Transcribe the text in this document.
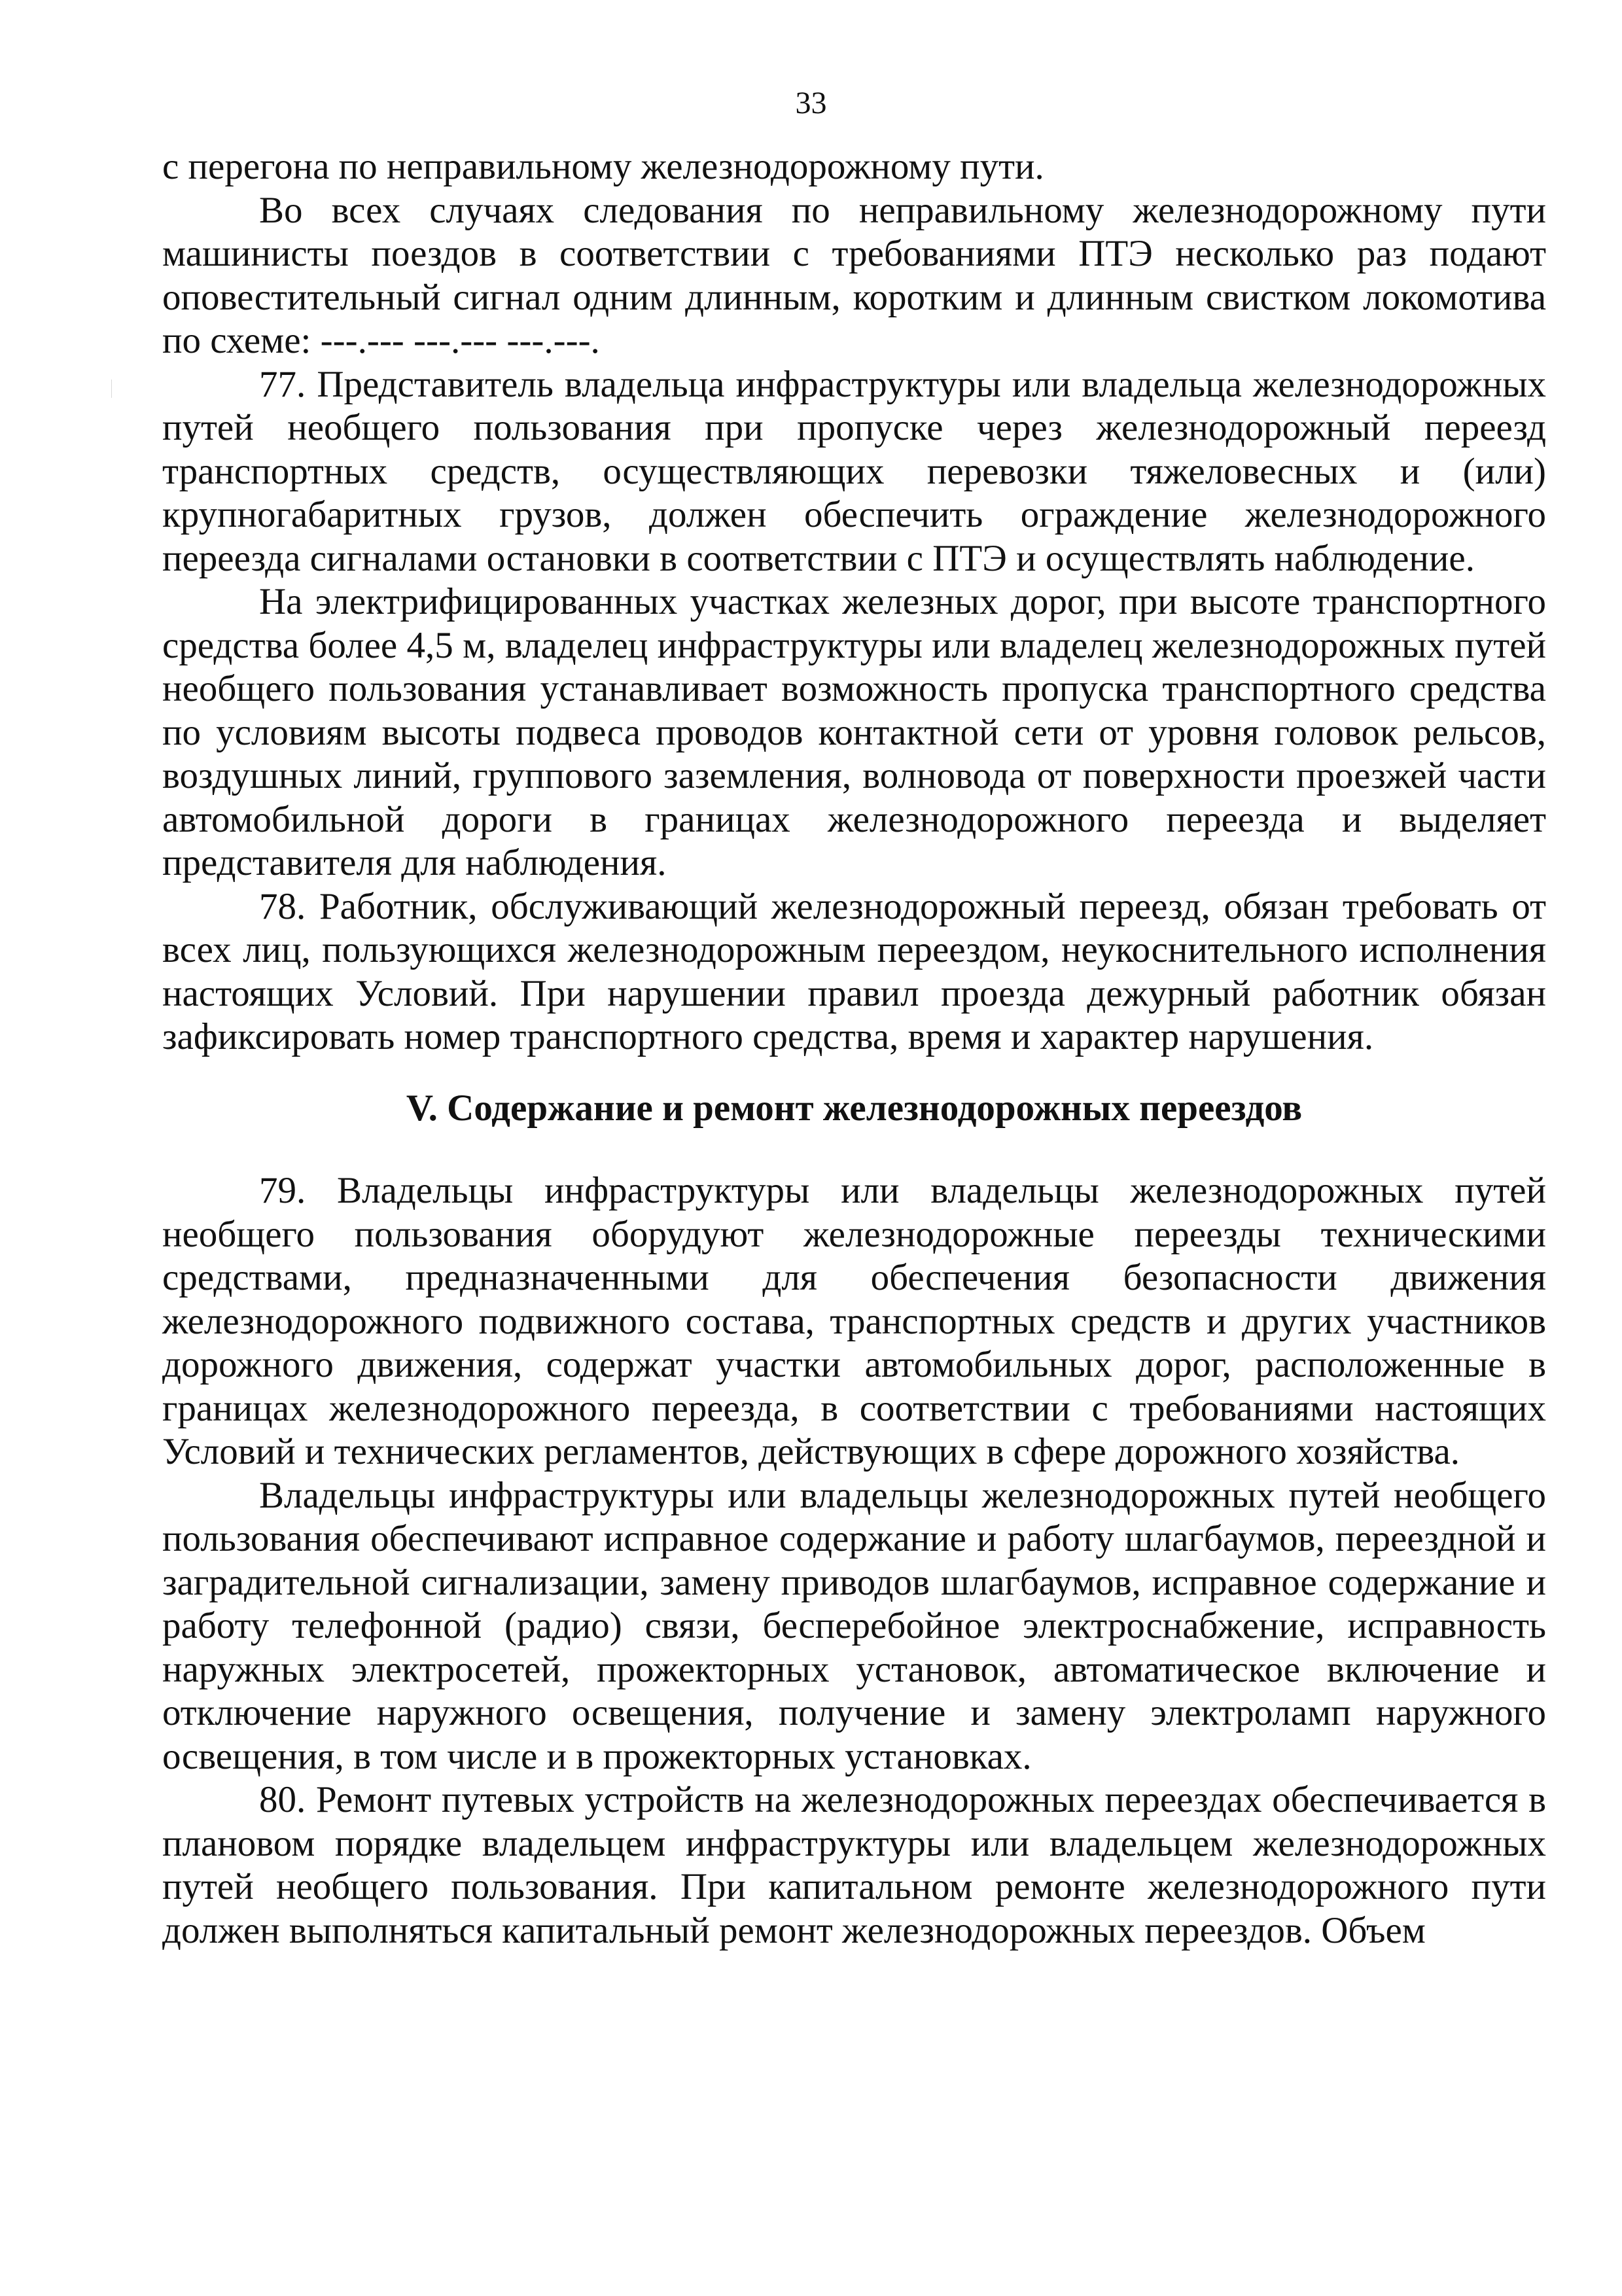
33

с перегона по неправильному железнодорожному пути.

Во всех случаях следования по неправильному железнодорожному пути машинисты поездов в соответствии с требованиями ПТЭ несколько раз подают оповестительный сигнал одним длинным, коротким и длинным свистком локомотива по схеме: ---.--- ---.--- ---.---.

77. Представитель владельца инфраструктуры или владельца железнодорожных путей необщего пользования при пропуске через железнодорожный переезд транспортных средств, осуществляющих перевозки тяжеловесных и (или) крупногабаритных грузов, должен обеспечить ограждение железнодорожного переезда сигналами остановки в соответствии с ПТЭ и осуществлять наблюдение.

На электрифицированных участках железных дорог, при высоте транспортного средства более 4,5 м, владелец инфраструктуры или владелец железнодорожных путей необщего пользования устанавливает возможность пропуска транспортного средства по условиям высоты подвеса проводов контактной сети от уровня головок рельсов, воздушных линий, группового заземления, волновода от поверхности проезжей части автомобильной дороги в границах железнодорожного переезда и выделяет представителя для наблюдения.

78. Работник, обслуживающий железнодорожный переезд, обязан требовать от всех лиц, пользующихся железнодорожным переездом, неукоснительного исполнения настоящих Условий. При нарушении правил проезда дежурный работник обязан зафиксировать номер транспортного средства, время и характер нарушения.

V. Содержание и ремонт железнодорожных переездов

79. Владельцы инфраструктуры или владельцы железнодорожных путей необщего пользования оборудуют железнодорожные переезды техническими средствами, предназначенными для обеспечения безопасности движения железнодорожного подвижного состава, транспортных средств и других участников дорожного движения, содержат участки автомобильных дорог, расположенные в границах железнодорожного переезда, в соответствии с требованиями настоящих Условий и технических регламентов, действующих в сфере дорожного хозяйства.

Владельцы инфраструктуры или владельцы железнодорожных путей необщего пользования обеспечивают исправное содержание и работу шлагбаумов, переездной и заградительной сигнализации, замену приводов шлагбаумов, исправное содержание и работу телефонной (радио) связи, бесперебойное электроснабжение, исправность наружных электросетей, прожекторных установок, автоматическое включение и отключение наружного освещения, получение и замену электроламп наружного освещения, в том числе и в прожекторных установках.

80. Ремонт путевых устройств на железнодорожных переездах обеспечивается в плановом порядке владельцем инфраструктуры или владельцем железнодорожных путей необщего пользования. При капитальном ремонте железнодорожного пути должен выполняться капитальный ремонт железнодорожных переездов. Объем
